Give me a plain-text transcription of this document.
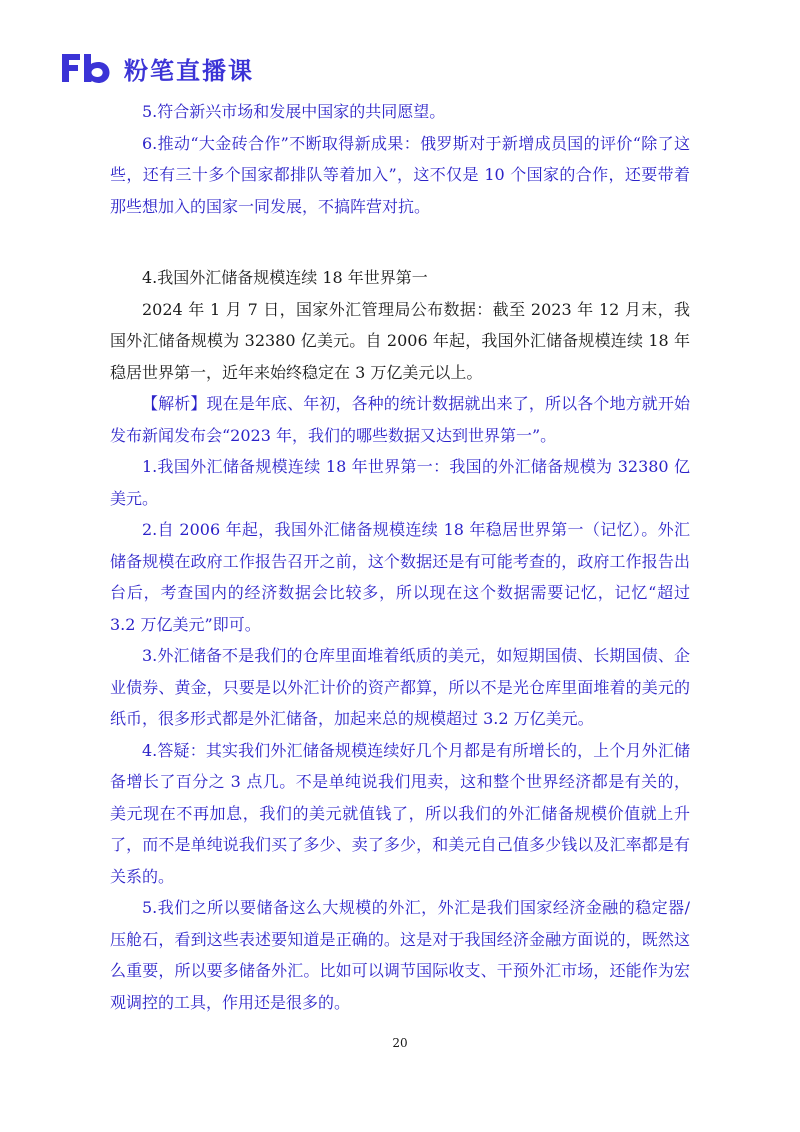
粉笔直播课

5.符合新兴市场和发展中国家的共同愿望。

6.推动“大金砖合作”不断取得新成果：俄罗斯对于新增成员国的评价“除了这些，还有三十多个国家都排队等着加入”，这不仅是 10 个国家的合作，还要带着那些想加入的国家一同发展，不搞阵营对抗。

4.我国外汇储备规模连续 18 年世界第一

2024 年 1 月 7 日，国家外汇管理局公布数据：截至 2023 年 12 月末，我国外汇储备规模为 32380 亿美元。自 2006 年起，我国外汇储备规模连续 18 年稳居世界第一，近年来始终稳定在 3 万亿美元以上。

【解析】现在是年底、年初，各种的统计数据就出来了，所以各个地方就开始发布新闻发布会“2023 年，我们的哪些数据又达到世界第一”。

1.我国外汇储备规模连续 18 年世界第一：我国的外汇储备规模为 32380 亿美元。

2.自 2006 年起，我国外汇储备规模连续 18 年稳居世界第一（记忆）。外汇储备规模在政府工作报告召开之前，这个数据还是有可能考查的，政府工作报告出台后，考查国内的经济数据会比较多，所以现在这个数据需要记忆，记忆“超过 3.2 万亿美元”即可。

3.外汇储备不是我们的仓库里面堆着纸质的美元，如短期国债、长期国债、企业债券、黄金，只要是以外汇计价的资产都算，所以不是光仓库里面堆着的美元的纸币，很多形式都是外汇储备，加起来总的规模超过 3.2 万亿美元。

4.答疑：其实我们外汇储备规模连续好几个月都是有所增长的，上个月外汇储备增长了百分之 3 点几。不是单纯说我们甩卖，这和整个世界经济都是有关的，美元现在不再加息，我们的美元就值钱了，所以我们的外汇储备规模价值就上升了，而不是单纯说我们买了多少、卖了多少，和美元自己值多少钱以及汇率都是有关系的。

5.我们之所以要储备这么大规模的外汇，外汇是我们国家经济金融的稳定器/压舱石，看到这些表述要知道是正确的。这是对于我国经济金融方面说的，既然这么重要，所以要多储备外汇。比如可以调节国际收支、干预外汇市场，还能作为宏观调控的工具，作用还是很多的。

20
